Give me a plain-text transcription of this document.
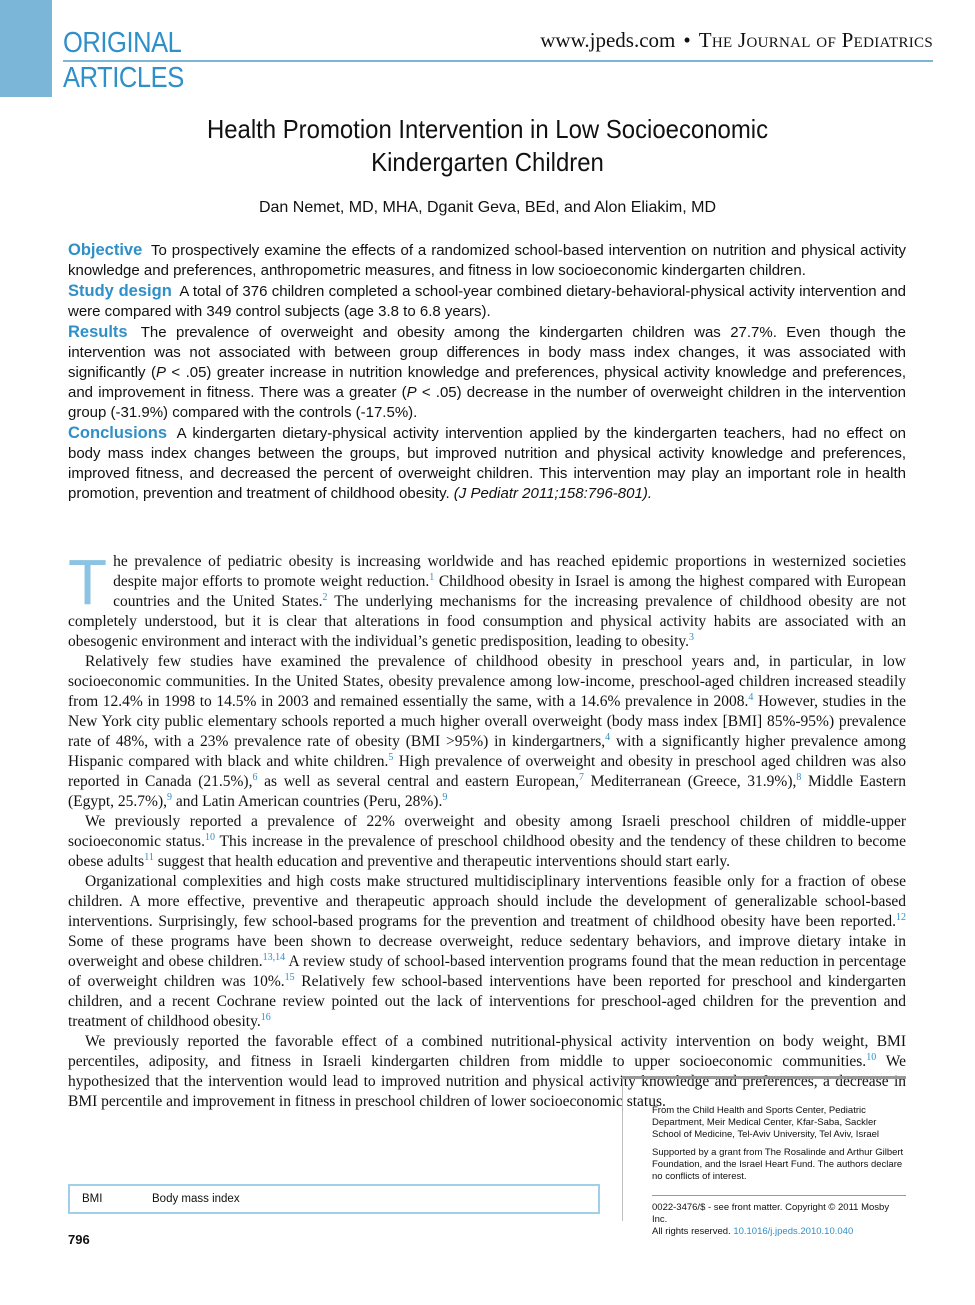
ORIGINAL
ARTICLES
www.jpeds.com • The Journal of Pediatrics
Health Promotion Intervention in Low Socioeconomic
Kindergarten Children
Dan Nemet, MD, MHA, Dganit Geva, BEd, and Alon Eliakim, MD

Objective To prospectively examine the effects of a randomized school-based intervention on nutrition and physical activity knowledge and preferences, anthropometric measures, and fitness in low socioeconomic kindergarten children.

Study design A total of 376 children completed a school-year combined dietary-behavioral-physical activity intervention and were compared with 349 control subjects (age 3.8 to 6.8 years).

Results The prevalence of overweight and obesity among the kindergarten children was 27.7%. Even though the intervention was not associated with between group differences in body mass index changes, it was associated with significantly (P < .05) greater increase in nutrition knowledge and preferences, physical activity knowledge and preferences, and improvement in fitness. There was a greater (P < .05) decrease in the number of overweight children in the intervention group (-31.9%) compared with the controls (-17.5%).

Conclusions A kindergarten dietary-physical activity intervention applied by the kindergarten teachers, had no effect on body mass index changes between the groups, but improved nutrition and physical activity knowledge and preferences, improved fitness, and decreased the percent of overweight children. This intervention may play an important role in health promotion, prevention and treatment of childhood obesity. (J Pediatr 2011;158:796-801).

The prevalence of pediatric obesity is increasing worldwide and has reached epidemic proportions in westernized societies despite major efforts to promote weight reduction.$^1$ Childhood obesity in Israel is among the highest compared with European countries and the United States.$^2$ The underlying mechanisms for the increasing prevalence of childhood obesity are not completely understood, but it is clear that alterations in food consumption and physical activity habits are associated with an obesogenic environment and interact with the individual’s genetic predisposition, leading to obesity.$^3$

Relatively few studies have examined the prevalence of childhood obesity in preschool years and, in particular, in low socioeconomic communities. In the United States, obesity prevalence among low-income, preschool-aged children increased steadily from 12.4% in 1998 to 14.5% in 2003 and remained essentially the same, with a 14.6% prevalence in 2008.$^4$ However, studies in the New York city public elementary schools reported a much higher overall overweight (body mass index [BMI] 85%-95%) prevalence rate of 48%, with a 23% prevalence rate of obesity (BMI >95%) in kindergartners,$^4$ with a significantly higher prevalence among Hispanic compared with black and white children.$^5$ High prevalence of overweight and obesity in preschool aged children was also reported in Canada (21.5%),$^6$ as well as several central and eastern European,$^7$ Mediterranean (Greece, 31.9%),$^8$ Middle Eastern (Egypt, 25.7%),$^9$ and Latin American countries (Peru, 28%).$^9$

We previously reported a prevalence of 22% overweight and obesity among Israeli preschool children of middle-upper socioeconomic status.$^{10}$ This increase in the prevalence of preschool childhood obesity and the tendency of these children to become obese adults$^{11}$ suggest that health education and preventive and therapeutic interventions should start early.

Organizational complexities and high costs make structured multidisciplinary interventions feasible only for a fraction of obese children. A more effective, preventive and therapeutic approach should include the development of generalizable school-based interventions. Surprisingly, few school-based programs for the prevention and treatment of childhood obesity have been reported.$^{12}$ Some of these programs have been shown to decrease overweight, reduce sedentary behaviors, and improve dietary intake in overweight and obese children.$^{13,14}$ A review study of school-based intervention programs found that the mean reduction in percentage of overweight children was 10%.$^{15}$ Relatively few school-based interventions have been reported for preschool and kindergarten children, and a recent Cochrane review pointed out the lack of interventions for preschool-aged children for the prevention and treatment of childhood obesity.$^{16}$

We previously reported the favorable effect of a combined nutritional-physical activity intervention on body weight, BMI percentiles, adiposity, and fitness in Israeli kindergarten children from middle to upper socioeconomic communities.$^{10}$ We hypothesized that the intervention would lead to improved nutrition and physical activity knowledge and preferences, a decrease in BMI percentile and improvement in fitness in preschool children of lower socioeconomic status.

From the Child Health and Sports Center, Pediatric Department, Meir Medical Center, Kfar-Saba, Sackler School of Medicine, Tel-Aviv University, Tel Aviv, Israel

Supported by a grant from The Rosalinde and Arthur Gilbert Foundation, and the Israel Heart Fund. The authors declare no conflicts of interest.

0022-3476/$ - see front matter. Copyright © 2011 Mosby Inc.

All rights reserved. 10.1016/j.jpeds.2010.10.040

BMI	Body mass index
796
